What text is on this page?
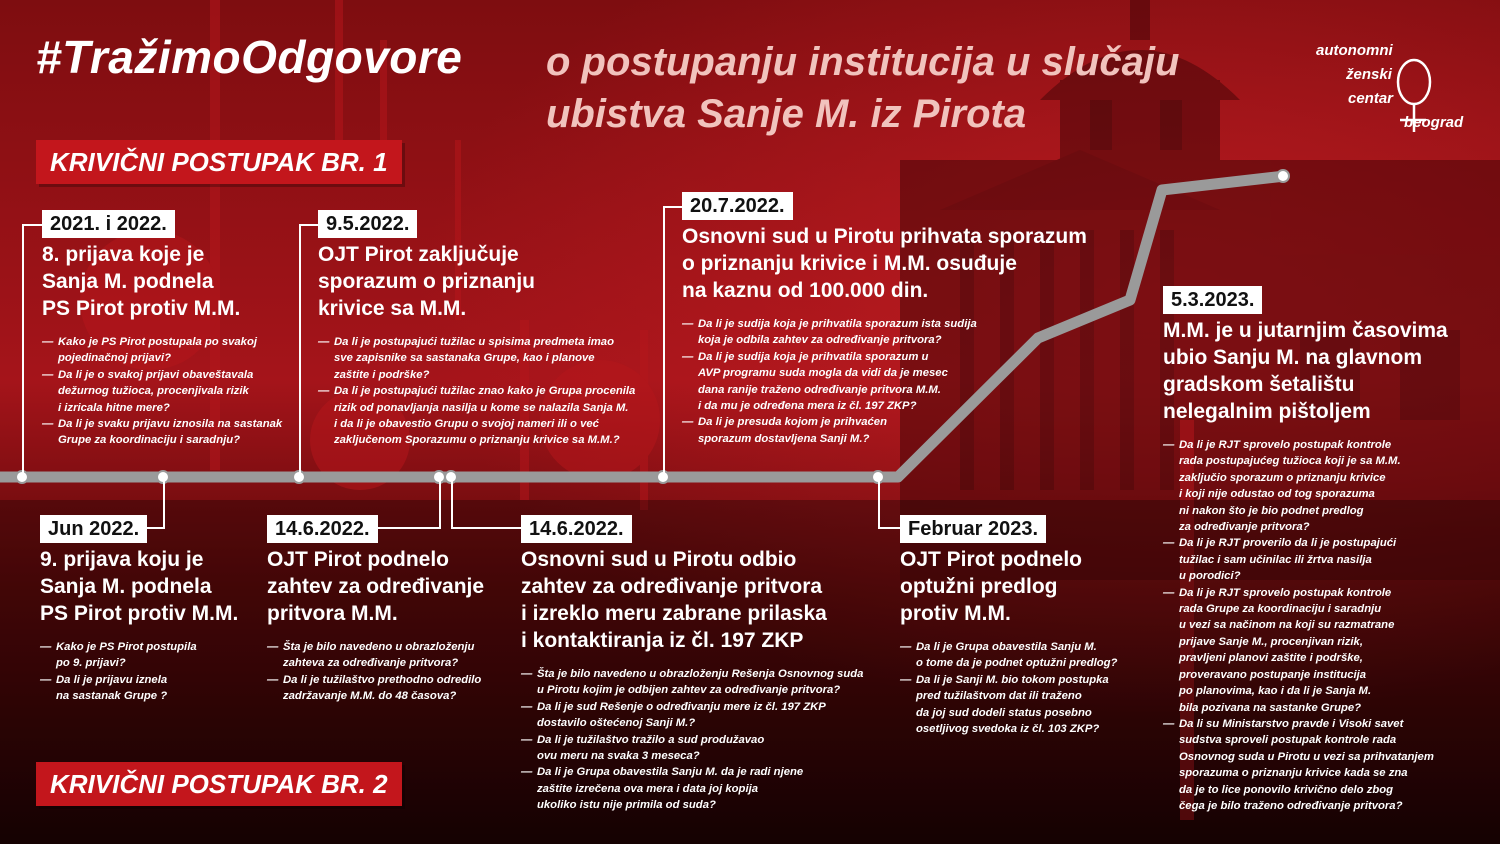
#TražimoOdgovore o postupanju institucija u slučaju
ubistva Sanje M. iz Pirota
autonomni
ženski
centar
beograd
KRIVIČNI POSTUPAK BR. 1
KRIVIČNI POSTUPAK BR. 2
2021. i 2022.
8. prijava koje je
Sanja M. podnela
PS Pirot protiv M.M.
— Kako je PS Pirot postupala po svakoj
pojedinačnoj prijavi?
— Da li je o svakoj prijavi obaveštavala
dežurnog tužioca, procenjivala rizik
i izricala hitne mere?
— Da li je svaku prijavu iznosila na sastanak
Grupe za koordinaciju i saradnju?
9.5.2022.
OJT Pirot zaključuje
sporazum o priznanju
krivice sa M.M.
— Da li je postupajući tužilac u spisima predmeta imao
sve zapisnike sa sastanaka Grupe, kao i planove
zaštite i podrške?
— Da li je postupajući tužilac znao kako je Grupa procenila
rizik od ponavljanja nasilja u kome se nalazila Sanja M.
i da li je obavestio Grupu o svojoj nameri ili o već
zaključenom Sporazumu o priznanju krivice sa M.M.?
20.7.2022.
Osnovni sud u Pirotu prihvata sporazum
o priznanju krivice i M.M. osuđuje
na kaznu od 100.000 din.
— Da li je sudija koja je prihvatila sporazum ista sudija
koja je odbila zahtev za određivanje pritvora?
— Da li je sudija koja je prihvatila sporazum u
AVP programu suda mogla da vidi da je mesec
dana ranije traženo određivanje pritvora M.M.
i da mu je određena mera iz čl. 197 ZKP?
— Da li je presuda kojom je prihvaćen
sporazum dostavljena Sanji M.?
5.3.2023.
M.M. je u jutarnjim časovima
ubio Sanju M. na glavnom
gradskom šetalištu
nelegalnim pištoljem
— Da li je RJT sprovelo postupak kontrole
rada postupajućeg tužioca koji je sa M.M.
zaključio sporazum o priznanju krivice
i koji nije odustao od tog sporazuma
ni nakon što je bio podnet predlog
za određivanje pritvora?
— Da li je RJT proverilo da li je postupajući
tužilac i sam učinilac ili žrtva nasilja
u porodici?
— Da li je RJT sprovelo postupak kontrole
rada Grupe za koordinaciju i saradnju
u vezi sa načinom na koji su razmatrane
prijave Sanje M., procenjivan rizik,
pravljeni planovi zaštite i podrške,
proveravano postupanje institucija
po planovima, kao i da li je Sanja M.
bila pozivana na sastanke Grupe?
— Da li su Ministarstvo pravde i Visoki savet
sudstva sproveli postupak kontrole rada
Osnovnog suda u Pirotu u vezi sa prihvatanjem
sporazuma o priznanju krivice kada se zna
da je to lice ponovilo krivično delo zbog
čega je bilo traženo određivanje pritvora?
Jun 2022.
9. prijava koju je
Sanja M. podnela
PS Pirot protiv M.M.
— Kako je PS Pirot postupila
po 9. prijavi?
— Da li je prijavu iznela
na sastanak Grupe ?
14.6.2022.
OJT Pirot podnelo
zahtev za određivanje
pritvora M.M.
— Šta je bilo navedeno u obrazloženju
zahteva za određivanje pritvora?
— Da li je tužilaštvo prethodno odredilo
zadržavanje M.M. do 48 časova?
14.6.2022.
Osnovni sud u Pirotu odbio
zahtev za određivanje pritvora
i izreklo meru zabrane prilaska
i kontaktiranja iz čl. 197 ZKP
— Šta je bilo navedeno u obrazloženju Rešenja Osnovnog suda
u Pirotu kojim je odbijen zahtev za određivanje pritvora?
— Da li je sud Rešenje o određivanju mere iz čl. 197 ZKP
dostavilo oštećenoj Sanji M.?
— Da li je tužilaštvo tražilo a sud produžavao
ovu meru na svaka 3 meseca?
— Da li je Grupa obavestila Sanju M. da je radi njene
zaštite izrečena ova mera i data joj kopija
ukoliko istu nije primila od suda?
Februar 2023.
OJT Pirot podnelo
optužni predlog
protiv M.M.
— Da li je Grupa obavestila Sanju M.
o tome da je podnet optužni predlog?
— Da li je Sanji M. bio tokom postupka
pred tužilaštvom dat ili traženo
da joj sud dodeli status posebno
osetljivog svedoka iz čl. 103 ZKP?
